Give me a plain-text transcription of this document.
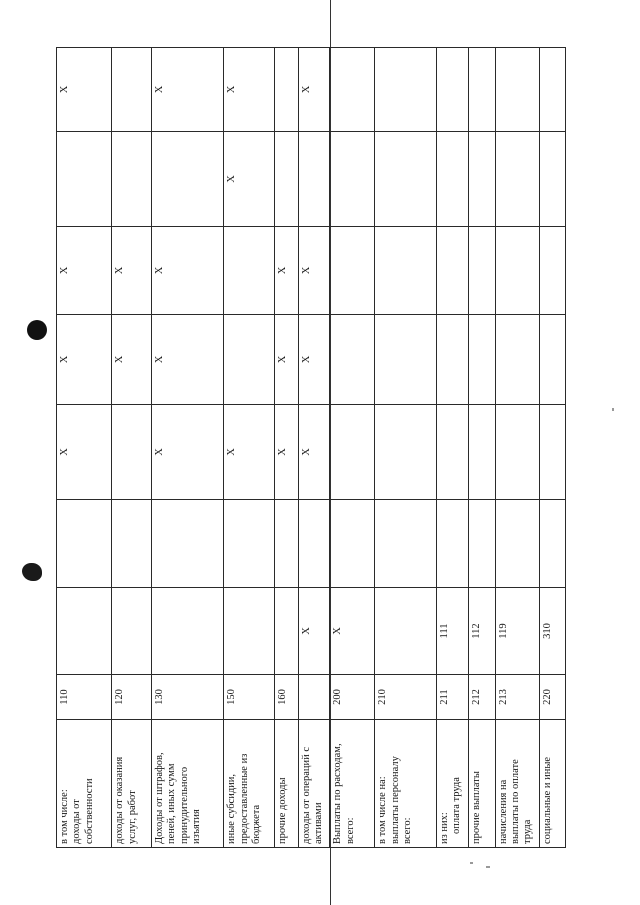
в том числе: доходы от собственности	110			X	X	X		X

доходы от оказания услуг, работ	120				X	X		

Доходы от штрафов, пеней, иных сумм принудительного изъятия	130			X	X	X		X

иные субсидии, предоставленные из бюджета	150			X			X	X

прочие доходы	160			X	X	X		

доходы от операций с активами		X		X	X	X		X

Выплаты по расходам, всего:	200	X						

в том числе на: выплаты персоналу всего:	210							

из них: оплата труда	211	111						

прочие выплаты	212	112						

начисления на выплаты по оплате труда	213	119						

социальные и иные	220	310						
